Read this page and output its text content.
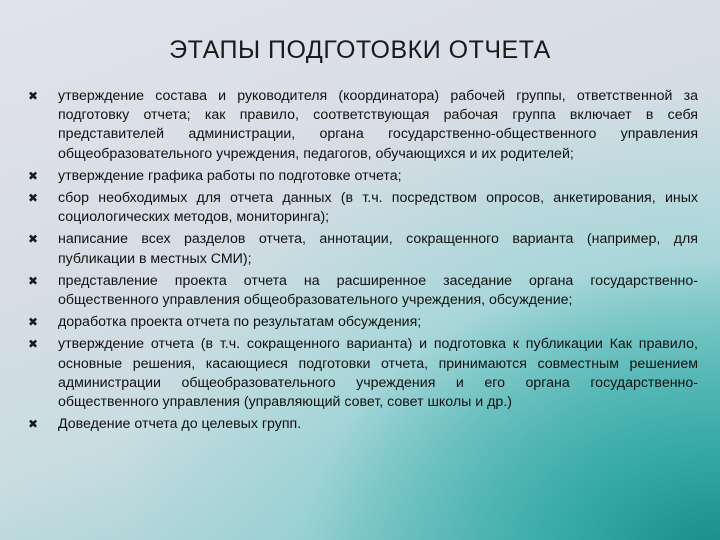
ЭТАПЫ ПОДГОТОВКИ ОТЧЕТА
✖ утверждение состава и руководителя (координатора) рабочей группы, ответственной за подготовку отчета; как правило, соответствующая рабочая группа включает в себя представителей администрации, органа государственно-общественного управления общеобразовательного учреждения, педагогов, обучающихся и их родителей;
✖ утверждение графика работы по подготовке отчета;
✖ сбор необходимых для отчета данных (в т.ч. посредством опросов, анкетирования, иных социологических методов, мониторинга);
✖ написание всех разделов отчета, аннотации, сокращенного варианта (например, для публикации в местных СМИ);
✖ представление проекта отчета на расширенное заседание органа государственно-общественного управления общеобразовательного учреждения, обсуждение;
✖ доработка проекта отчета по результатам обсуждения;
✖ утверждение отчета (в т.ч. сокращенного варианта) и подготовка к публикации Как правило, основные решения, касающиеся подготовки отчета, принимаются совместным решением администрации общеобразовательного учреждения и его органа государственно-общественного управления (управляющий совет, совет школы и др.)
✖ Доведение отчета до целевых групп.
